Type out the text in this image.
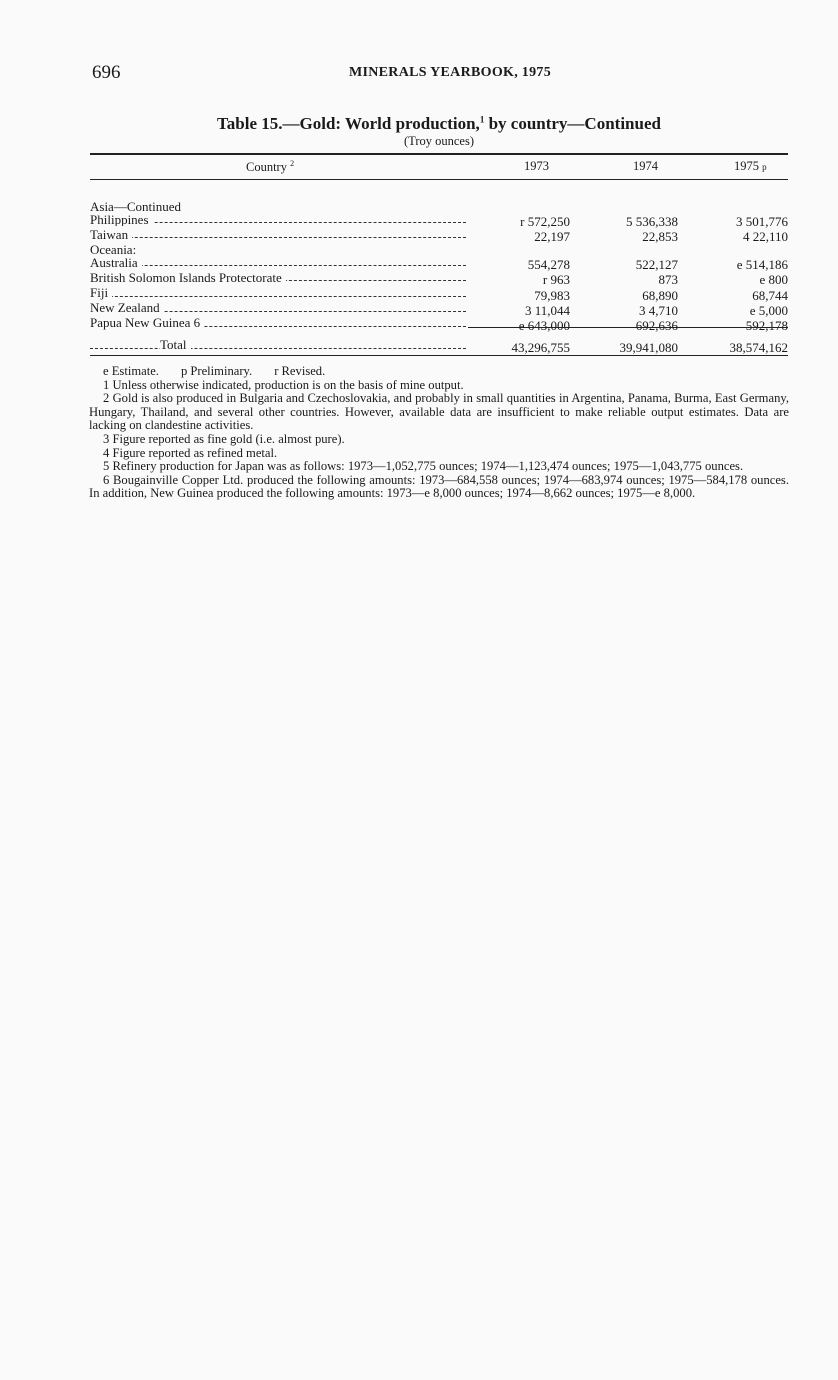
696	MINERALS YEARBOOK, 1975
Table 15.—Gold: World production,$^1$ by country—Continued
(Troy ounces)
Country $^2$	1973	1974	1975 p
Asia—Continued			
Philippines	r 572,250	5 536,338	3 501,776
Taiwan	22,197	22,853	4 22,110
Oceania:			
Australia	554,278	522,127	e 514,186
British Solomon Islands Protectorate	r 963	873	e 800
Fiji	79,983	68,890	68,744
New Zealand	3 11,044	3 4,710	e 5,000
Papua New Guinea 6	e 643,000	692,636	592,178
Total	43,296,755	39,941,080	38,574,162

e Estimate. p Preliminary. r Revised.

1 Unless otherwise indicated, production is on the basis of mine output.

2 Gold is also produced in Bulgaria and Czechoslovakia, and probably in small quantities in Argentina, Panama, Burma, East Germany, Hungary, Thailand, and several other countries. However, available data are insufficient to make reliable output estimates. Data are lacking on clandestine activities.

3 Figure reported as fine gold (i.e. almost pure).

4 Figure reported as refined metal.

5 Refinery production for Japan was as follows: 1973—1,052,775 ounces; 1974—1,123,474 ounces; 1975—1,043,775 ounces.

6 Bougainville Copper Ltd. produced the following amounts: 1973—684,558 ounces; 1974—683,974 ounces; 1975—584,178 ounces. In addition, New Guinea produced the following amounts: 1973—e 8,000 ounces; 1974—8,662 ounces; 1975—e 8,000.
